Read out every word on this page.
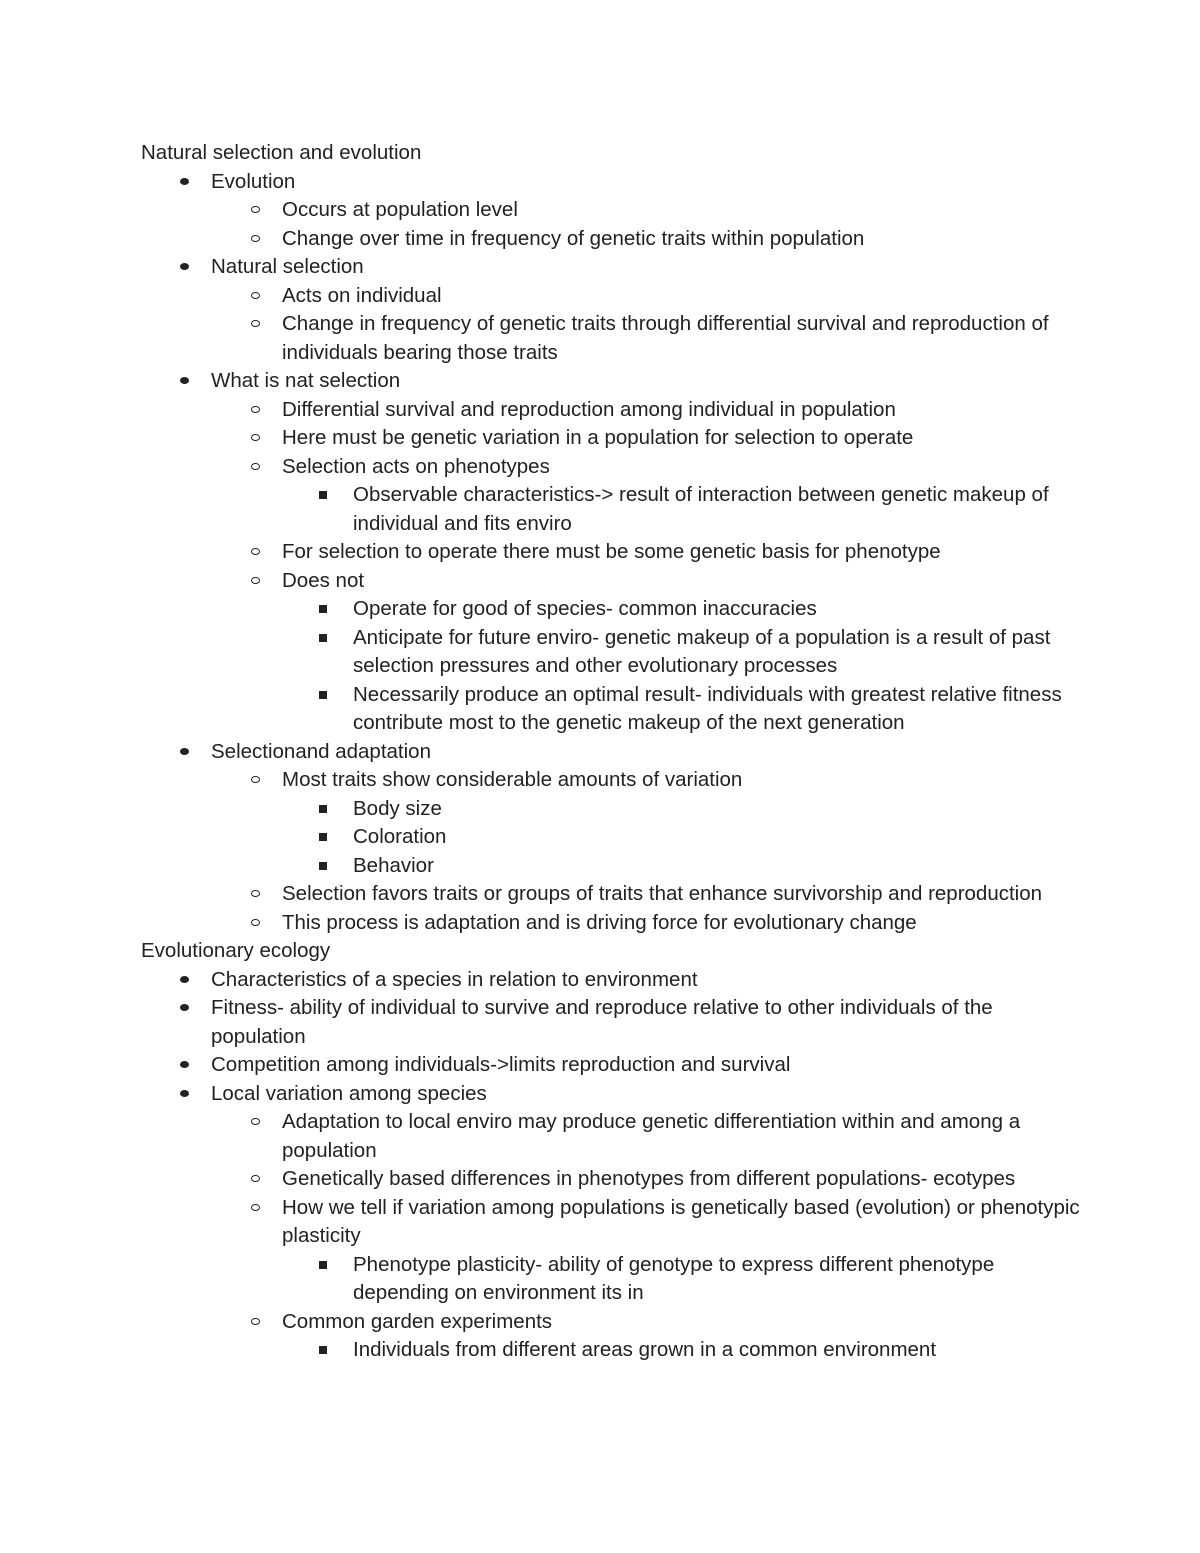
Natural selection and evolution
Evolution
Occurs at population level
Change over time in frequency of genetic traits within population
Natural selection
Acts on individual
Change in frequency of genetic traits through differential survival and reproduction of individuals bearing those traits
What is nat selection
Differential survival and reproduction among individual in population
Here must be genetic variation in a population for selection to operate
Selection acts on phenotypes
Observable characteristics-> result of interaction between genetic makeup of individual and fits enviro
For selection to operate there must be some genetic basis for phenotype
Does not
Operate for good of species- common inaccuracies
Anticipate for future enviro- genetic makeup of a population is a result of past selection pressures and other evolutionary processes
Necessarily produce an optimal result- individuals with greatest relative fitness contribute most to the genetic makeup of the next generation
Selectionand adaptation
Most traits show considerable amounts of variation
Body size
Coloration
Behavior
Selection favors traits or groups of traits that enhance survivorship and reproduction
This process is adaptation and is driving force for evolutionary change
Evolutionary ecology
Characteristics of a species in relation to environment
Fitness- ability of individual to survive and reproduce relative to other individuals of the population
Competition among individuals->limits reproduction and survival
Local variation among species
Adaptation to local enviro may produce genetic differentiation within and among a population
Genetically based differences in phenotypes from different populations- ecotypes
How we tell if variation among populations is genetically based (evolution) or phenotypic plasticity
Phenotype plasticity- ability of genotype to express different phenotype depending on environment its in
Common garden experiments
Individuals from different areas grown in a common environment
